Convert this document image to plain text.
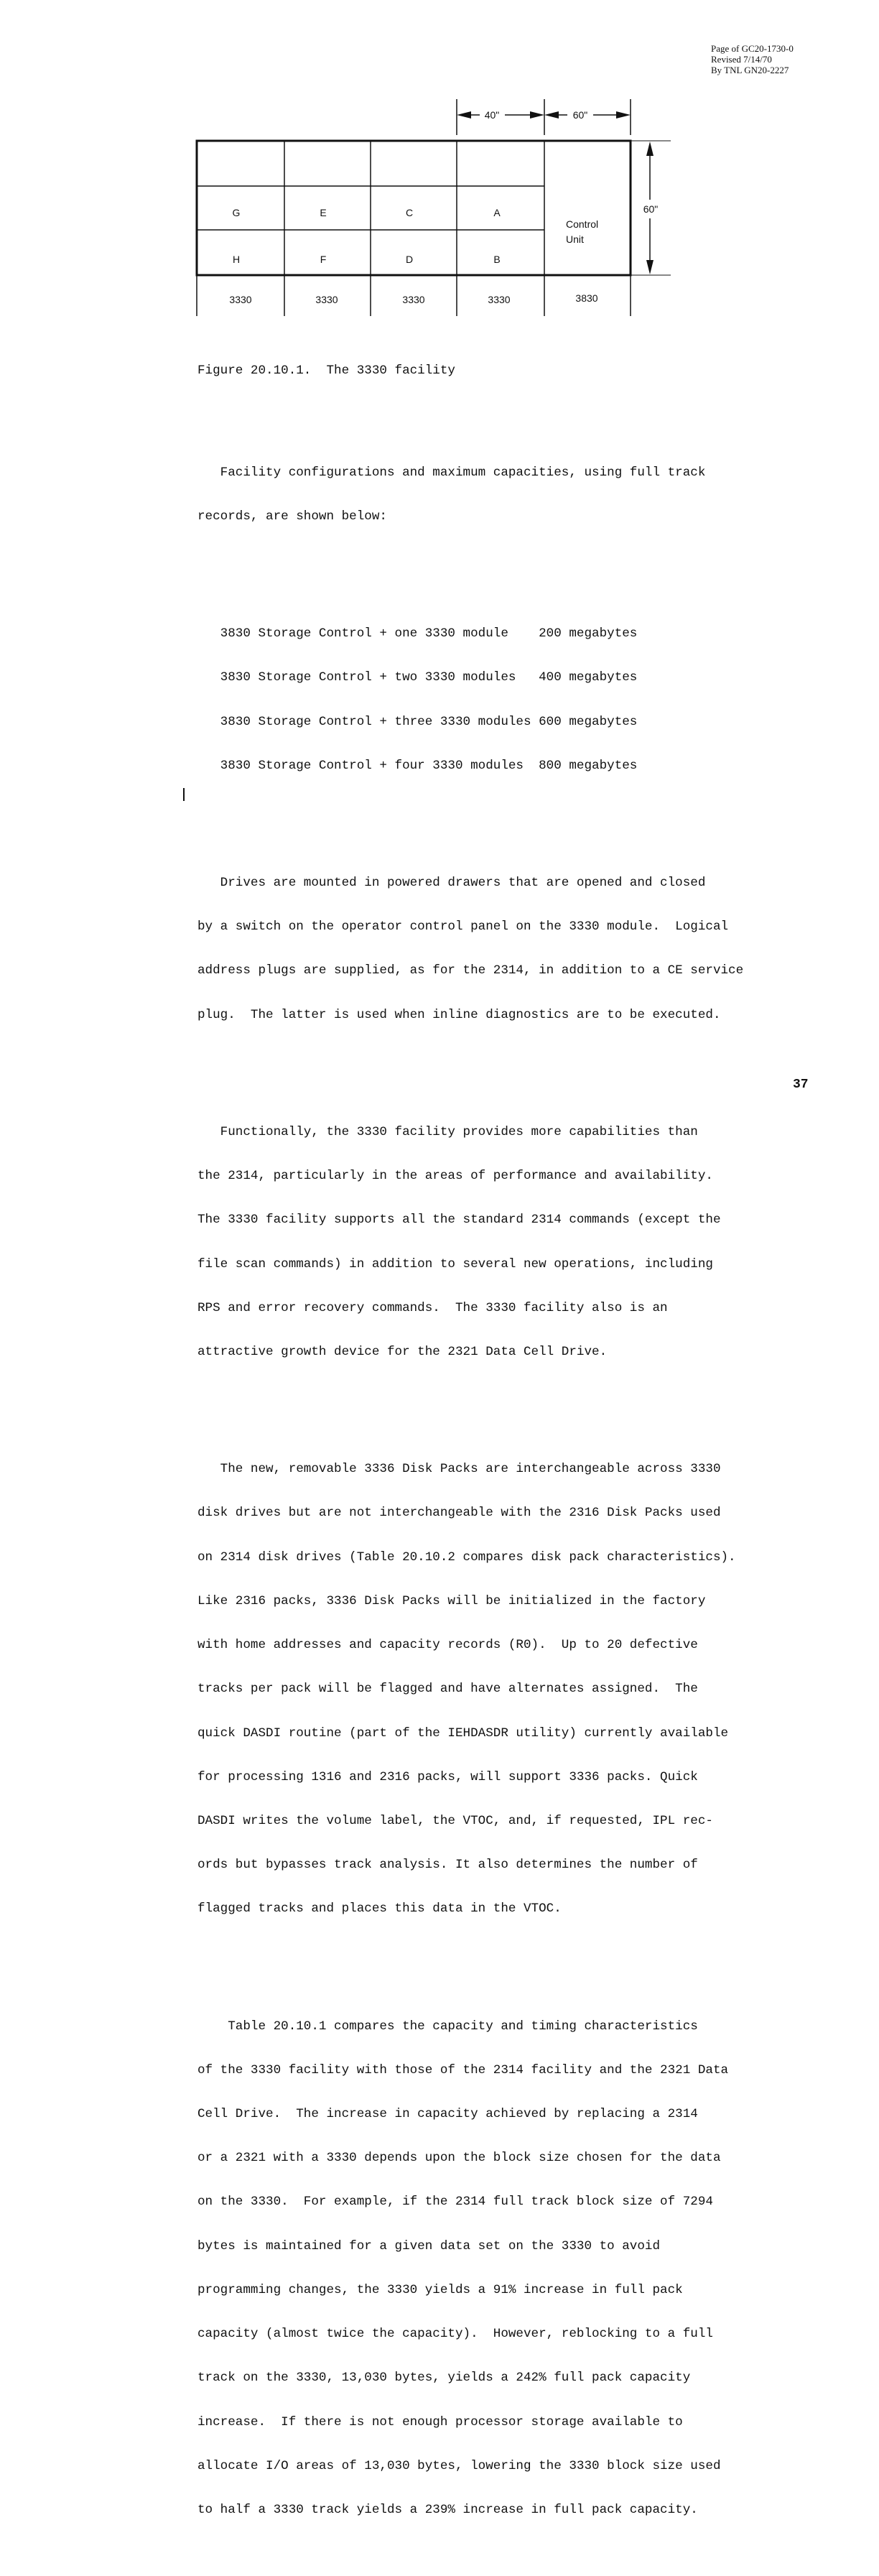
Page of GC20-1730-0
Revised 7/14/70
By TNL GN20-2227
40"	60"
60"
G	E	C	A
H	F	D	B
Control
Unit
3330	3330	3330	3330	3830
Figure 20.10.1.  The 3330 facility

Facility configurations and maximum capacities, using full track

records, are shown below:

3830 Storage Control + one 3330 module    200 megabytes

3830 Storage Control + two 3330 modules   400 megabytes

3830 Storage Control + three 3330 modules 600 megabytes

3830 Storage Control + four 3330 modules  800 megabytes

Drives are mounted in powered drawers that are opened and closed

by a switch on the operator control panel on the 3330 module.  Logical

address plugs are supplied, as for the 2314, in addition to a CE service

plug.  The latter is used when inline diagnostics are to be executed.

Functionally, the 3330 facility provides more capabilities than

the 2314, particularly in the areas of performance and availability.

The 3330 facility supports all the standard 2314 commands (except the

file scan commands) in addition to several new operations, including

RPS and error recovery commands.  The 3330 facility also is an

attractive growth device for the 2321 Data Cell Drive.

The new, removable 3336 Disk Packs are interchangeable across 3330

disk drives but are not interchangeable with the 2316 Disk Packs used

on 2314 disk drives (Table 20.10.2 compares disk pack characteristics).

Like 2316 packs, 3336 Disk Packs will be initialized in the factory

with home addresses and capacity records (R0).  Up to 20 defective

tracks per pack will be flagged and have alternates assigned.  The

quick DASDI routine (part of the IEHDASDR utility) currently available

for processing 1316 and 2316 packs, will support 3336 packs. Quick

DASDI writes the volume label, the VTOC, and, if requested, IPL rec-

ords but bypasses track analysis. It also determines the number of

flagged tracks and places this data in the VTOC.

Table 20.10.1 compares the capacity and timing characteristics

of the 3330 facility with those of the 2314 facility and the 2321 Data

Cell Drive.  The increase in capacity achieved by replacing a 2314

or a 2321 with a 3330 depends upon the block size chosen for the data

on the 3330.  For example, if the 2314 full track block size of 7294

bytes is maintained for a given data set on the 3330 to avoid

programming changes, the 3330 yields a 91% increase in full pack

capacity (almost twice the capacity).  However, reblocking to a full

track on the 3330, 13,030 bytes, yields a 242% full pack capacity

increase.  If there is not enough processor storage available to

allocate I/O areas of 13,030 bytes, lowering the 3330 block size used

to half a 3330 track yields a 239% increase in full pack capacity.

37
